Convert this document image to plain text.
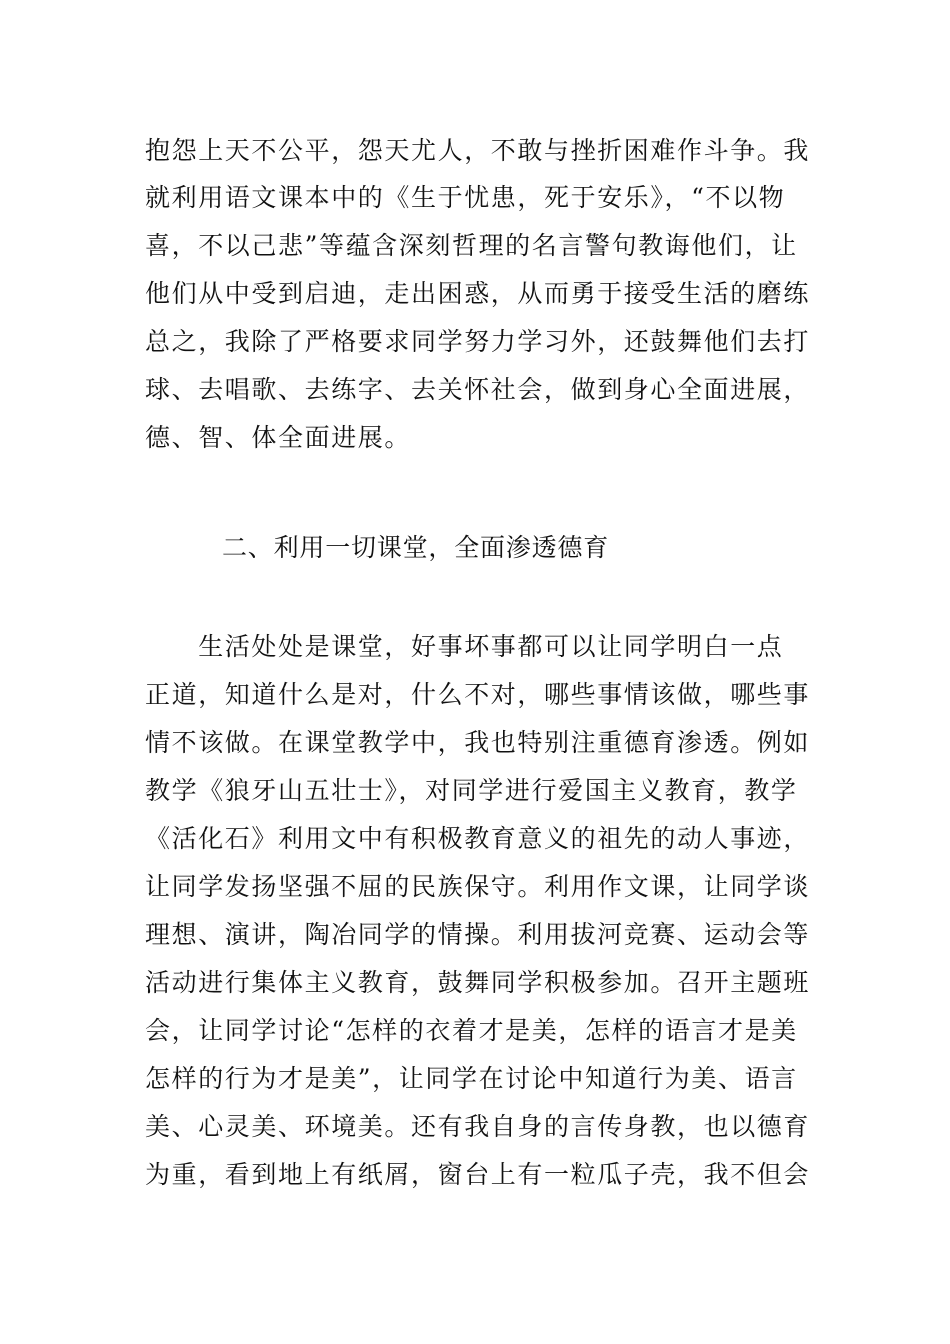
抱怨上天不公平，怨天尤人，不敢与挫折困难作斗争。我
就利用语文课本中的《生于忧患，死于安乐》，“不以物
喜，不以己悲”等蕴含深刻哲理的名言警句教诲他们，让
他们从中受到启迪，走出困惑，从而勇于接受生活的磨练
总之，我除了严格要求同学努力学习外，还鼓舞他们去打
球、去唱歌、去练字、去关怀社会，做到身心全面进展，
德、智、体全面进展。
二、利用一切课堂，全面渗透德育
　　生活处处是课堂，好事坏事都可以让同学明白一点
正道，知道什么是对，什么不对，哪些事情该做，哪些事
情不该做。在课堂教学中，我也特别注重德育渗透。例如
教学《狼牙山五壮士》，对同学进行爱国主义教育，教学
《活化石》利用文中有积极教育意义的祖先的动人事迹，
让同学发扬坚强不屈的民族保守。利用作文课，让同学谈
理想、演讲，陶冶同学的情操。利用拔河竞赛、运动会等
活动进行集体主义教育，鼓舞同学积极参加。召开主题班
会，让同学讨论“怎样的衣着才是美，怎样的语言才是美
怎样的行为才是美”，让同学在讨论中知道行为美、语言
美、心灵美、环境美。还有我自身的言传身教，也以德育
为重，看到地上有纸屑，窗台上有一粒瓜子壳，我不但会
